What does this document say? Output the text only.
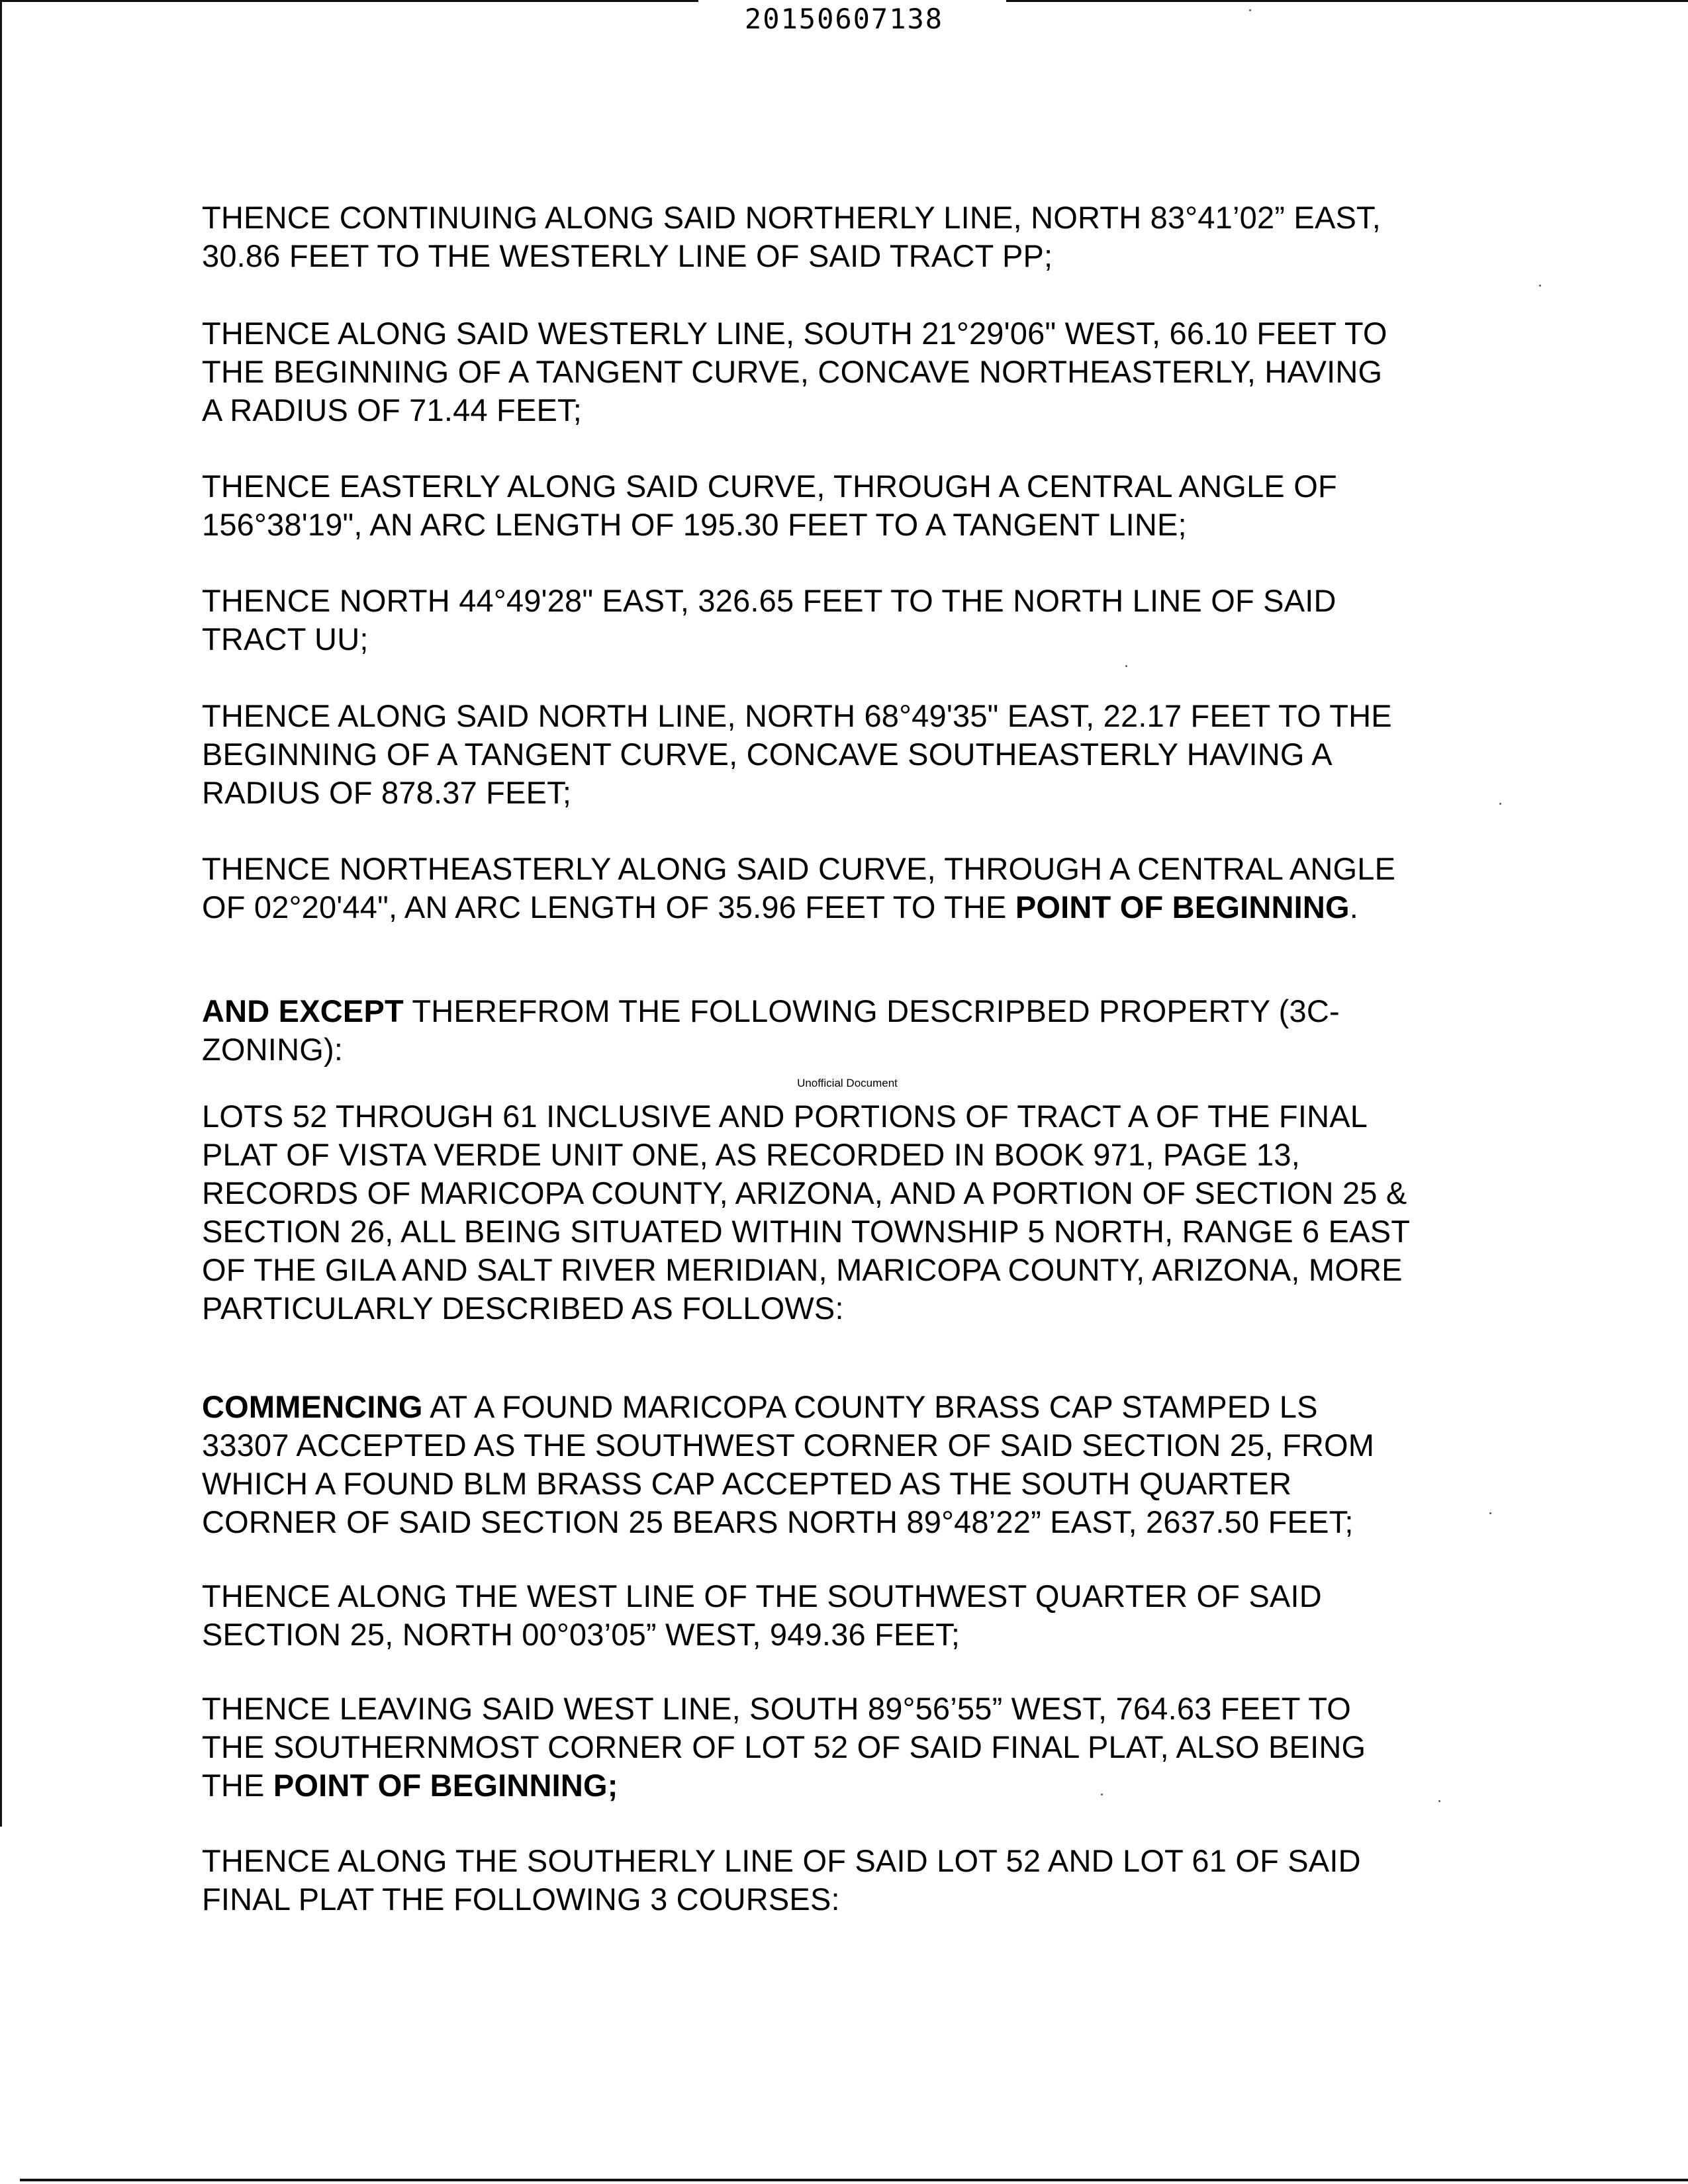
20150607138
Unofficial Document

THENCE CONTINUING ALONG SAID NORTHERLY LINE, NORTH 83°41’02” EAST,
30.86 FEET TO THE WESTERLY LINE OF SAID TRACT PP;

THENCE ALONG SAID WESTERLY LINE, SOUTH 21°29'06" WEST, 66.10 FEET TO
THE BEGINNING OF A TANGENT CURVE, CONCAVE NORTHEASTERLY, HAVING
A RADIUS OF 71.44 FEET;

THENCE EASTERLY ALONG SAID CURVE, THROUGH A CENTRAL ANGLE OF
156°38'19", AN ARC LENGTH OF 195.30 FEET TO A TANGENT LINE;

THENCE NORTH 44°49'28" EAST, 326.65 FEET TO THE NORTH LINE OF SAID
TRACT UU;

THENCE ALONG SAID NORTH LINE, NORTH 68°49'35" EAST, 22.17 FEET TO THE
BEGINNING OF A TANGENT CURVE, CONCAVE SOUTHEASTERLY HAVING A
RADIUS OF 878.37 FEET;

THENCE NORTHEASTERLY ALONG SAID CURVE, THROUGH A CENTRAL ANGLE
OF 02°20'44", AN ARC LENGTH OF 35.96 FEET TO THE POINT OF BEGINNING.

AND EXCEPT THEREFROM THE FOLLOWING DESCRIPBED PROPERTY (3C-
ZONING):

LOTS 52 THROUGH 61 INCLUSIVE AND PORTIONS OF TRACT A OF THE FINAL
PLAT OF VISTA VERDE UNIT ONE, AS RECORDED IN BOOK 971, PAGE 13,
RECORDS OF MARICOPA COUNTY, ARIZONA, AND A PORTION OF SECTION 25 &
SECTION 26, ALL BEING SITUATED WITHIN TOWNSHIP 5 NORTH, RANGE 6 EAST
OF THE GILA AND SALT RIVER MERIDIAN, MARICOPA COUNTY, ARIZONA, MORE
PARTICULARLY DESCRIBED AS FOLLOWS:

COMMENCING AT A FOUND MARICOPA COUNTY BRASS CAP STAMPED LS
33307 ACCEPTED AS THE SOUTHWEST CORNER OF SAID SECTION 25, FROM
WHICH A FOUND BLM BRASS CAP ACCEPTED AS THE SOUTH QUARTER
CORNER OF SAID SECTION 25 BEARS NORTH 89°48’22” EAST, 2637.50 FEET;

THENCE ALONG THE WEST LINE OF THE SOUTHWEST QUARTER OF SAID
SECTION 25, NORTH 00°03’05” WEST, 949.36 FEET;

THENCE LEAVING SAID WEST LINE, SOUTH 89°56’55” WEST, 764.63 FEET TO
THE SOUTHERNMOST CORNER OF LOT 52 OF SAID FINAL PLAT, ALSO BEING
THE POINT OF BEGINNING;

THENCE ALONG THE SOUTHERLY LINE OF SAID LOT 52 AND LOT 61 OF SAID
FINAL PLAT THE FOLLOWING 3 COURSES:
